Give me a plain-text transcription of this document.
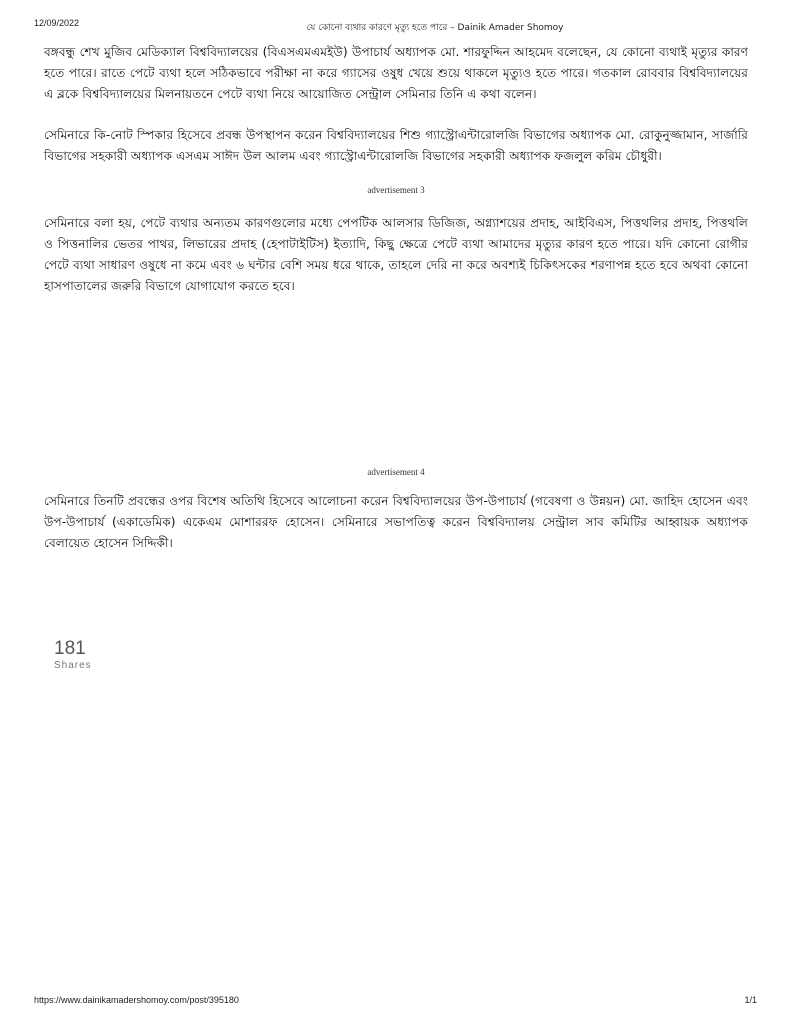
12/09/2022	যে কোনো ব্যথার কারণে মৃত্যু হতে পারে – Dainik Amader Shomoy

বঙ্গবন্ধু শেখ মুজিব মেডিক্যাল বিশ্ববিদ্যালয়ের (বিএসএমএমইউ) উপাচার্য অধ্যাপক মো. শারফুদ্দিন আহমেদ বলেছেন, যে কোনো ব্যথাই মৃত্যুর কারণ হতে পারে। রাতে পেটে ব্যথা হলে সঠিকভাবে পরীক্ষা না করে গ্যাসের ওষুধ খেয়ে শুয়ে থাকলে মৃত্যুও হতে পারে। গতকাল রোববার বিশ্ববিদ্যালয়ের এ ব্লকে বিশ্ববিদ্যালয়ের মিলনায়তনে পেটে ব্যথা নিয়ে আয়োজিত সেন্ট্রাল সেমিনার তিনি এ কথা বলেন।

সেমিনারে কি-নোট স্পিকার হিসেবে প্রবন্ধ উপস্থাপন করেন বিশ্ববিদ্যালয়ের শিশু গ্যাস্ট্রোএন্টারোলজি বিভাগের অধ্যাপক মো. রোকুনুজ্জামান, সার্জারি বিভাগের সহকারী অধ্যাপক এসএম সাঈদ উল আলম এবং গ্যাস্ট্রোএন্টারোলজি বিভাগের সহকারী অধ্যাপক ফজলুল করিম চৌধুরী।

advertisement 3

সেমিনারে বলা হয়, পেটে ব্যথার অন্যতম কারণগুলোর মধ্যে পেপটিক আলসার ডিজিজ, অগ্ন্যাশয়ের প্রদাহ, আইবিএস, পিত্তথলির প্রদাহ, পিত্তথলি ও পিত্তনালির ভেতর পাথর, লিভারের প্রদাহ (হেপাটাইটিস) ইত্যাদি, কিছু ক্ষেত্রে পেটে ব্যথা আমাদের মৃত্যুর কারণ হতে পারে। যদি কোনো রোগীর পেটে ব্যথা সাধারণ ওষুধে না কমে এবং ৬ ঘন্টার বেশি সময় ধরে থাকে, তাহলে দেরি না করে অবশ্যই চিকিৎসকের শরণাপন্ন হতে হবে অথবা কোনো হাসপাতালের জরুরি বিভাগে যোগাযোগ করতে হবে।

advertisement 4

সেমিনারে তিনটি প্রবন্ধের ওপর বিশেষ অতিথি হিসেবে আলোচনা করেন বিশ্ববিদ্যালয়ের উপ-উপাচার্য (গবেষণা ও উন্নয়ন) মো. জাহিদ হোসেন এবং উপ-উপাচার্য (একাডেমিক) একেএম মোশাররফ হোসেন। সেমিনারে সভাপতিত্ব করেন বিশ্ববিদ্যালয় সেন্ট্রাল সাব কমিটির আহ্বায়ক অধ্যাপক বেলায়েত হোসেন সিদ্দিকী।

181
Shares
https://www.dainikamadershomoy.com/post/395180	1/1
